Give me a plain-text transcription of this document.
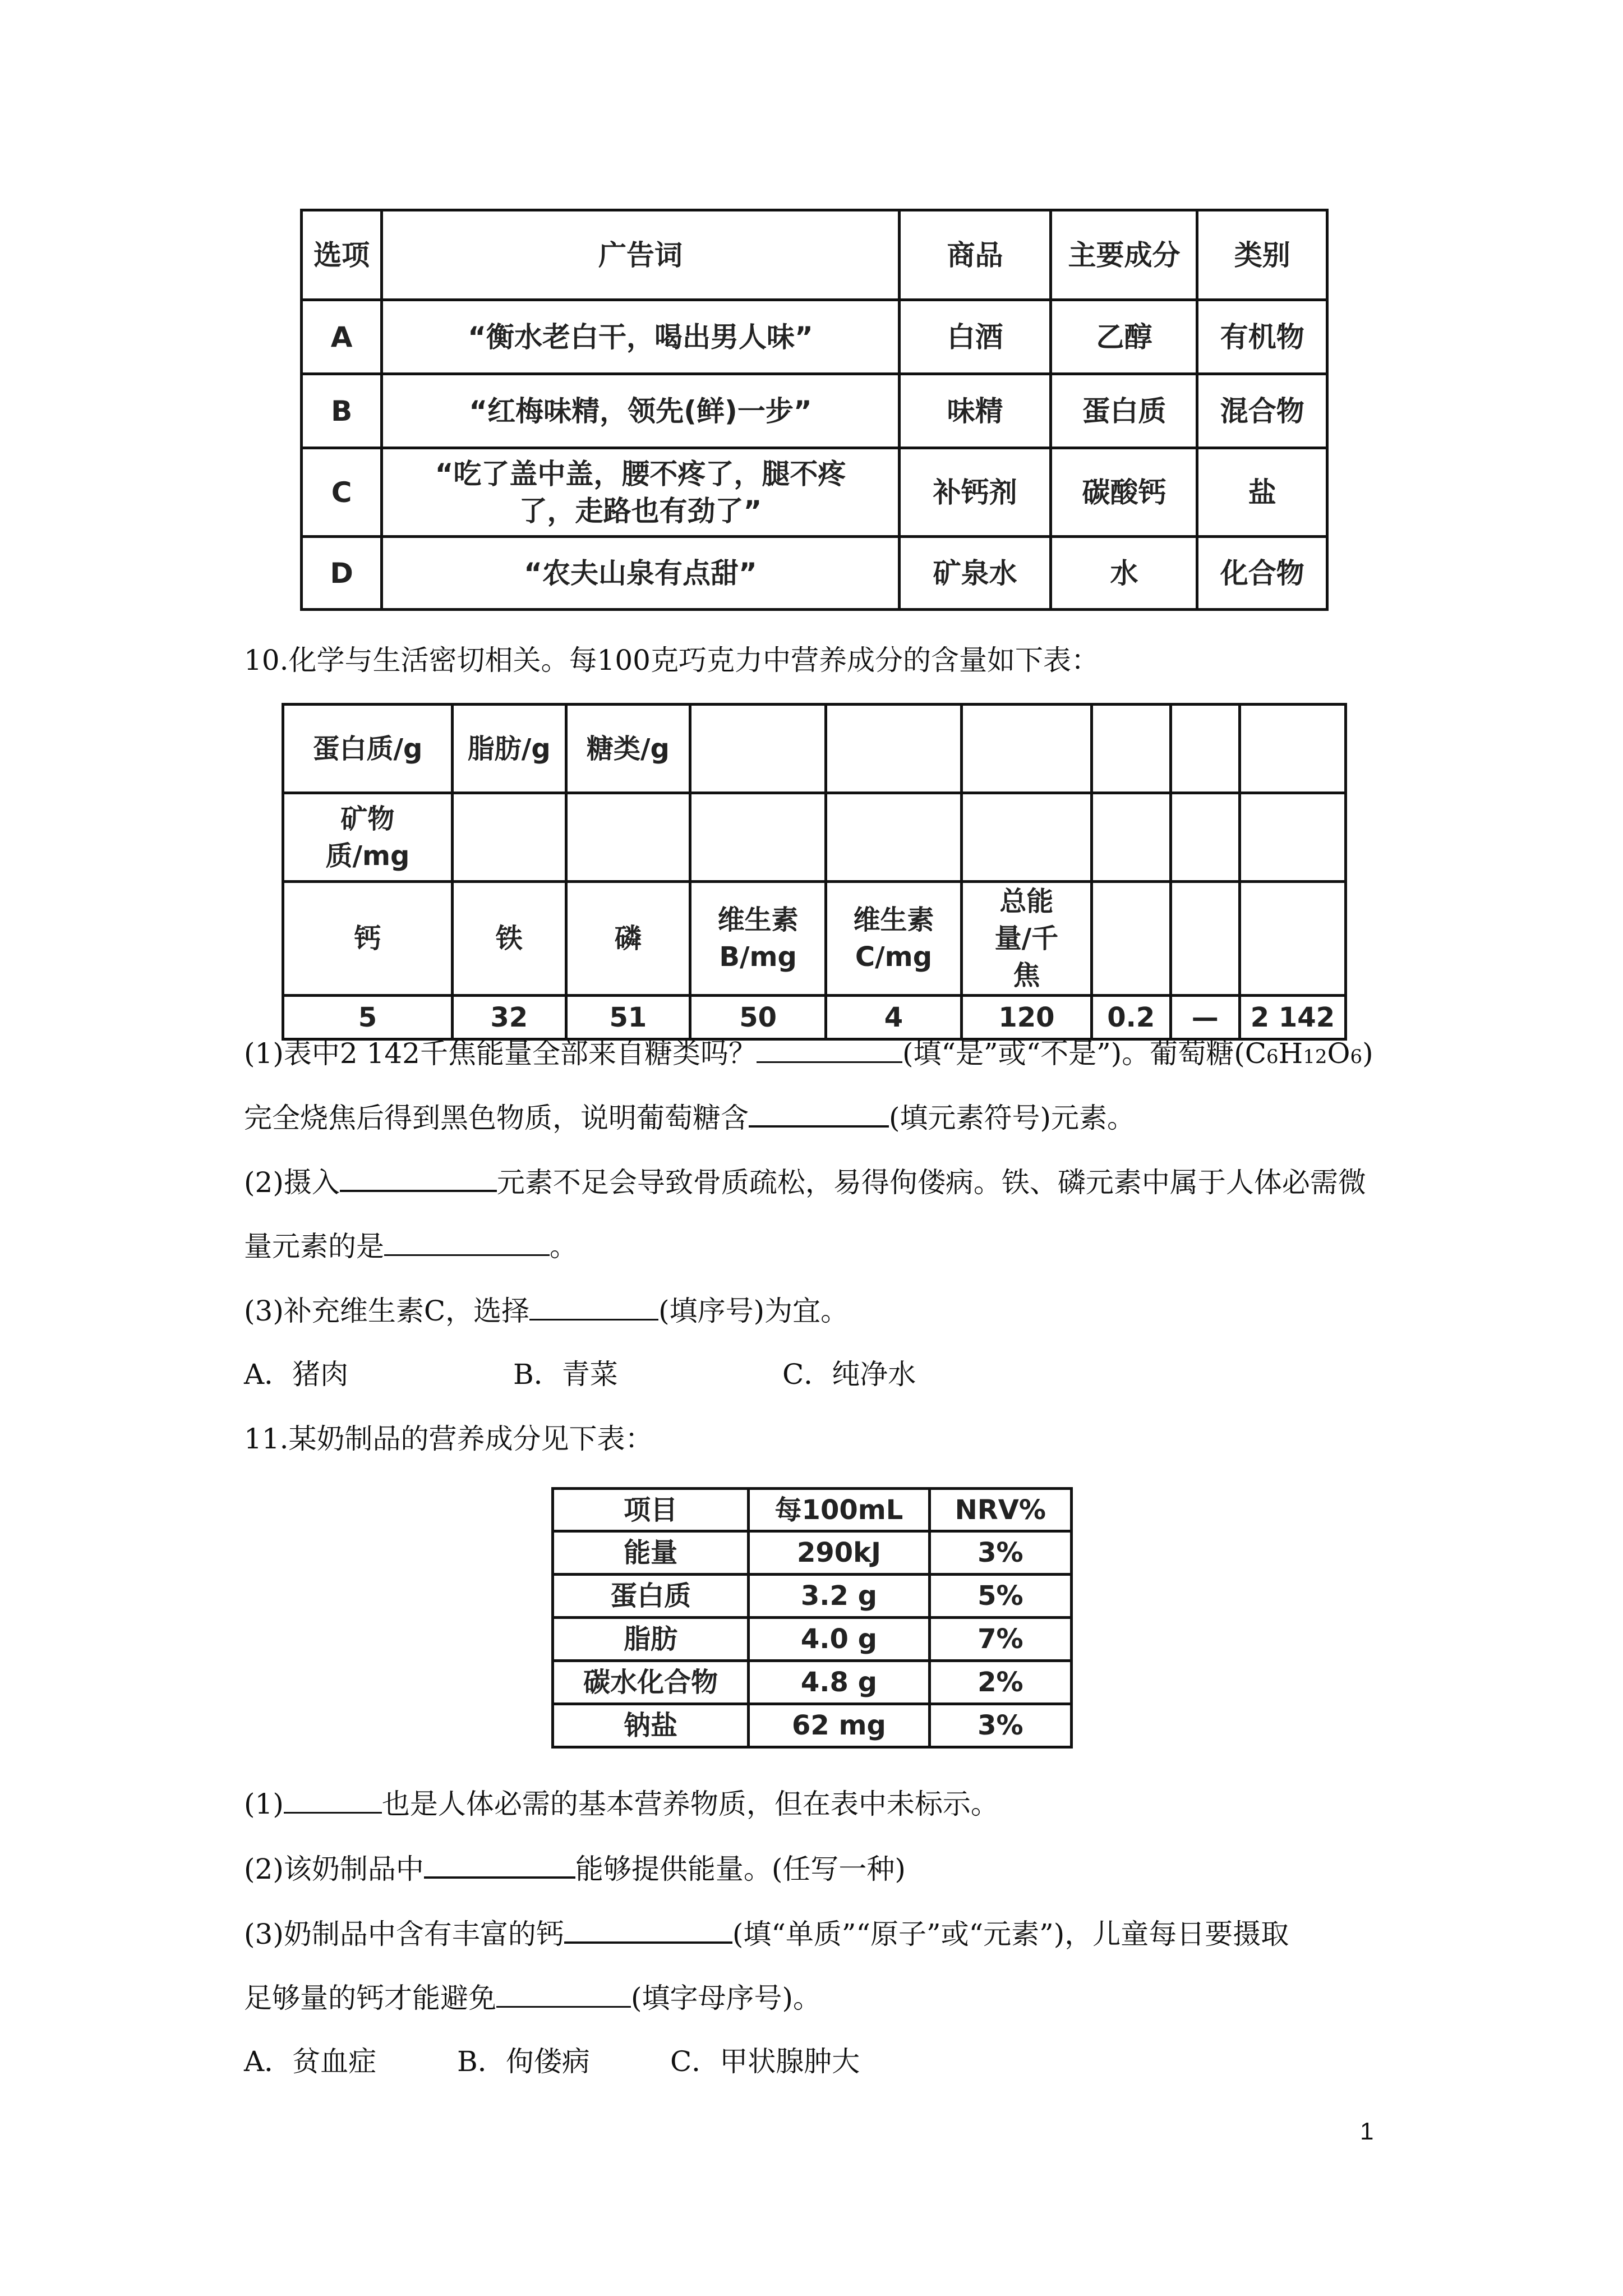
选项	广告词	商品	主要成分	类别
A	“衡水老白干，喝出男人味”	白酒	乙醇	有机物
B	“红梅味精，领先(鲜)一步”	味精	蛋白质	混合物
C	“吃了盖中盖，腰不疼了，腿不疼了，走路也有劲了”	补钙剂	碳酸钙	盐
D	“农夫山泉有点甜”	矿泉水	水	化合物
10.化学与生活密切相关。每100克巧克力中营养成分的含量如下表：
蛋白质/g	脂肪/g	糖类/g						
矿物质/mg								
钙	铁	磷	维生素B/mg	维生素C/mg	总能量/千焦			
5	32	51	50	4	120	0.2	—	2 142
(1)表中2 142千焦能量全部来自糖类吗？	(填“是”或“不是”)。葡萄糖(C6H12O6)
完全烧焦后得到黑色物质，说明葡萄糖含	(填元素符号)元素。
(2)摄入	元素不足会导致骨质疏松，易得佝偻病。铁、磷元素中属于人体必需微
量元素的是	。
(3)补充维生素C，选择	(填序号)为宜。
A．猪肉	B．青菜	C．纯净水
11.某奶制品的营养成分见下表：
项目	每100mL	NRV%
能量	290kJ	3%
蛋白质	3.2 g	5%
脂肪	4.0 g	7%
碳水化合物	4.8 g	2%
钠盐	62 mg	3%
(1)	也是人体必需的基本营养物质，但在表中未标示。
(2)该奶制品中	能够提供能量。(任写一种)
(3)奶制品中含有丰富的钙	(填“单质”“原子”或“元素”)，儿童每日要摄取
足够量的钙才能避免	(填字母序号)。
A．贫血症	B．佝偻病	C．甲状腺肿大
1
